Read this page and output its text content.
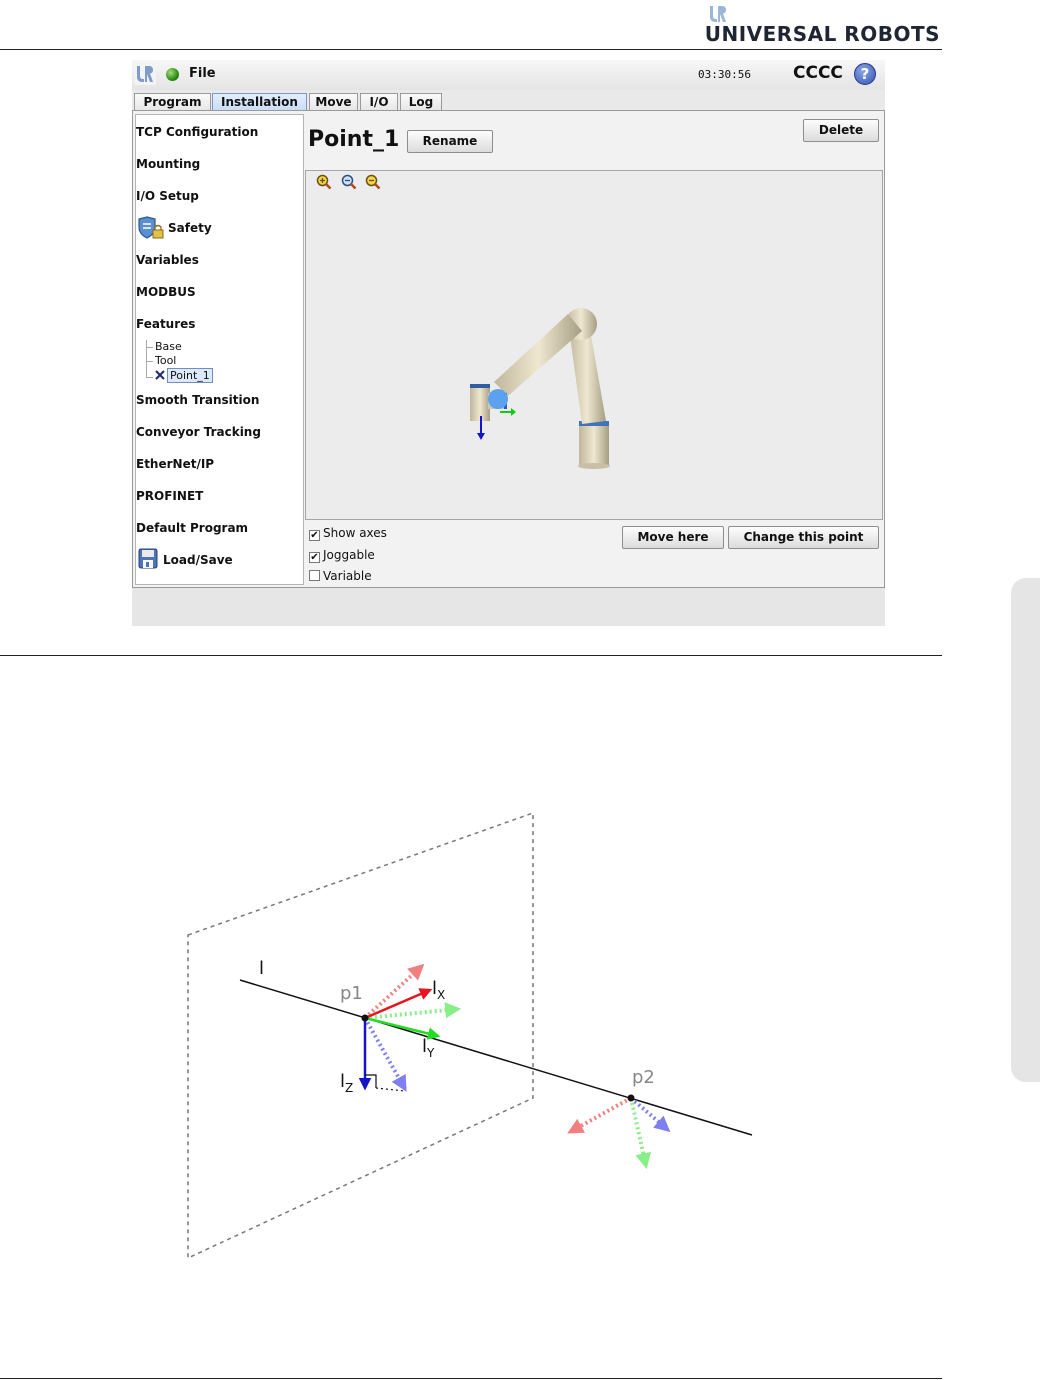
UNIVERSAL ROBOTS
File	03:30:56 CCCC	?
Program	Installation	Move	I/O	Log
TCP Configuration
Mounting
I/O Setup
Safety
Variables
MODBUS
Features
Base
Tool
Point_1
Smooth Transition
Conveyor Tracking
EtherNet/IP
PROFINET
Default Program
Load/Save
Point_1	Rename
Delete
✔ Show axes
✔ Joggable
Variable
Move here	Change this point
l
p1
p2
$l_X$
$l_Y$
$l_Z$
